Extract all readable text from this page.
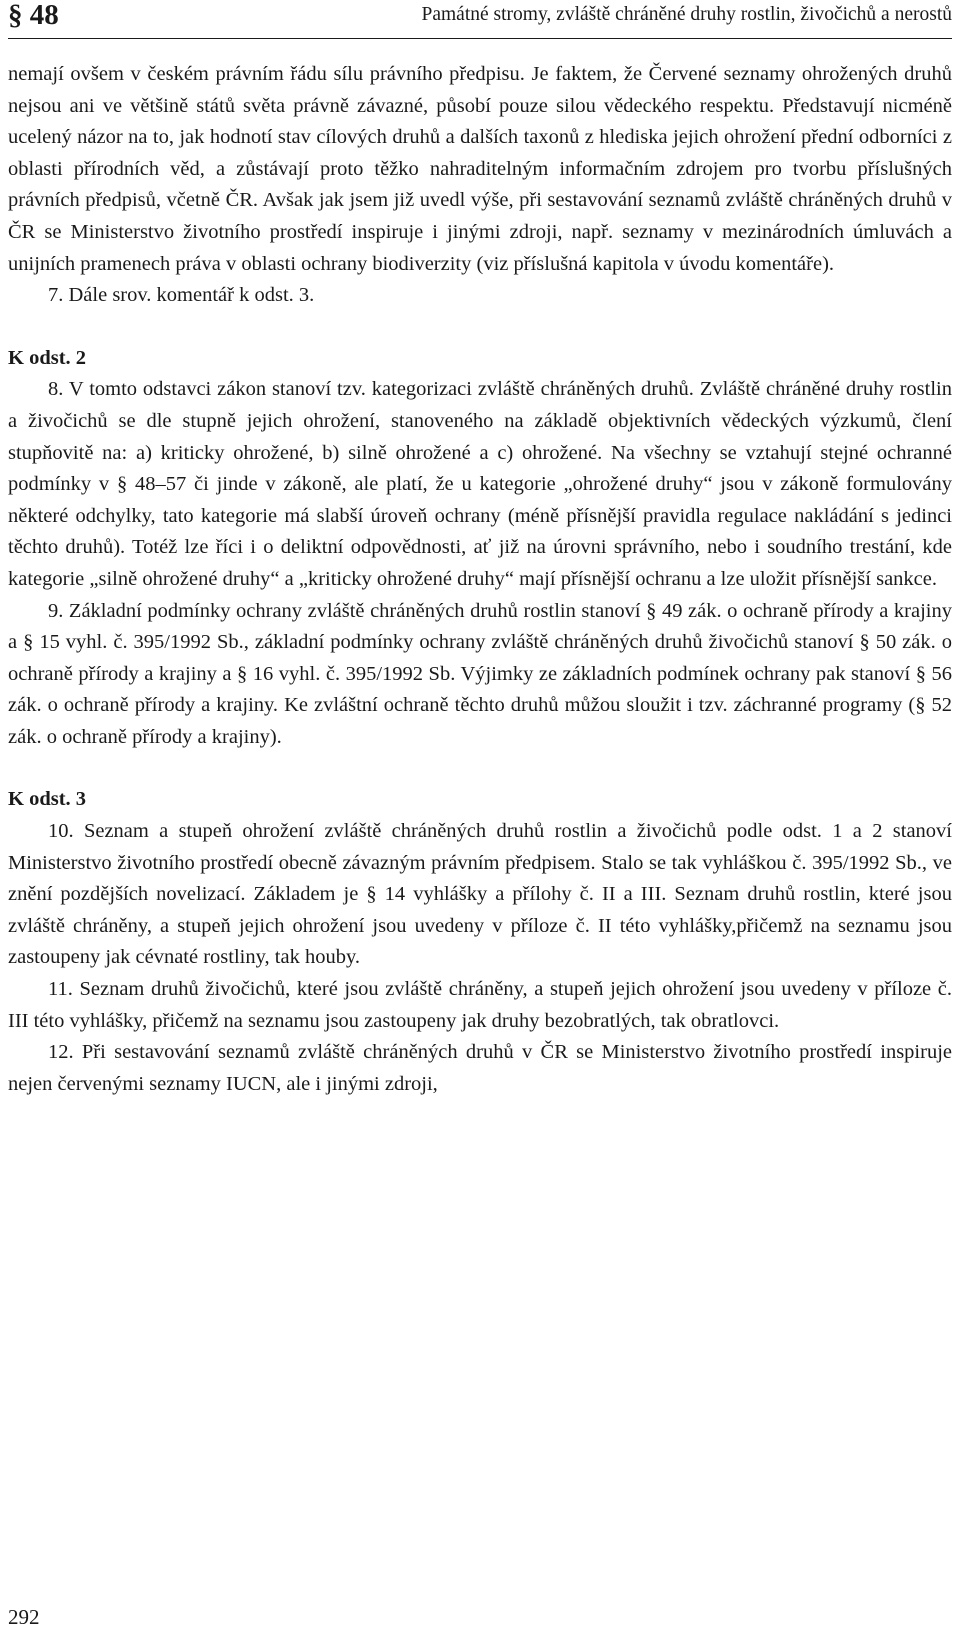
§ 48	Památné stromy, zvláště chráněné druhy rostlin, živočichů a nerostů

nemají ovšem v českém právním řádu sílu právního předpisu. Je faktem, že Červené seznamy ohrožených druhů nejsou ani ve většině států světa právně závazné, působí pouze silou vědeckého respektu. Představují nicméně ucelený názor na to, jak hodnotí stav cílových druhů a dalších taxonů z hlediska jejich ohrožení přední odborníci z oblasti přírodních věd, a zůstávají proto těžko nahraditelným informačním zdrojem pro tvorbu příslušných právních předpisů, včetně ČR. Avšak jak jsem již uvedl výše, při sestavování seznamů zvláště chráněných druhů v ČR se Ministerstvo životního prostředí inspiruje i jinými zdroji, např. seznamy v mezinárodních úmluvách a unijních pramenech práva v oblasti ochrany biodiverzity (viz příslušná kapitola v úvodu komentáře).

7. Dále srov. komentář k odst. 3.

K odst. 2

8. V tomto odstavci zákon stanoví tzv. kategorizaci zvláště chráněných druhů. Zvláště chráněné druhy rostlin a živočichů se dle stupně jejich ohrožení, stanoveného na základě objektivních vědeckých výzkumů, člení stupňovitě na: a) kriticky ohrožené, b) silně ohrožené a c) ohrožené. Na všechny se vztahují stejné ochranné podmínky v § 48–57 či jinde v zákoně, ale platí, že u kategorie „ohrožené druhy“ jsou v zákoně formulovány některé odchylky, tato kategorie má slabší úroveň ochrany (méně přísnější pravidla regulace nakládání s jedinci těchto druhů). Totéž lze říci i o deliktní odpovědnosti, ať již na úrovni správního, nebo i soudního trestání, kde kategorie „silně ohrožené druhy“ a „kriticky ohrožené druhy“ mají přísnější ochranu a lze uložit přísnější sankce.

9. Základní podmínky ochrany zvláště chráněných druhů rostlin stanoví § 49 zák. o ochraně přírody a krajiny a § 15 vyhl. č. 395/1992 Sb., základní podmínky ochrany zvláště chráněných druhů živočichů stanoví § 50 zák. o ochraně přírody a krajiny a § 16 vyhl. č. 395/1992 Sb. Výjimky ze základních podmínek ochrany pak stanoví § 56 zák. o ochraně přírody a krajiny. Ke zvláštní ochraně těchto druhů můžou sloužit i tzv. záchranné programy (§ 52 zák. o ochraně přírody a krajiny).

K odst. 3

10. Seznam a stupeň ohrožení zvláště chráněných druhů rostlin a živočichů podle odst. 1 a 2 stanoví Ministerstvo životního prostředí obecně závazným právním předpisem. Stalo se tak vyhláškou č. 395/1992 Sb., ve znění pozdějších novelizací. Základem je § 14 vyhlášky a přílohy č. II a III. Seznam druhů rostlin, které jsou zvláště chráněny, a stupeň jejich ohrožení jsou uvedeny v příloze č. II této vyhlášky,přičemž na seznamu jsou zastoupeny jak cévnaté rostliny, tak houby.

11. Seznam druhů živočichů, které jsou zvláště chráněny, a stupeň jejich ohrožení jsou uvedeny v příloze č. III této vyhlášky, přičemž na seznamu jsou zastoupeny jak druhy bezobratlých, tak obratlovci.

12. Při sestavování seznamů zvláště chráněných druhů v ČR se Ministerstvo životního prostředí inspiruje nejen červenými seznamy IUCN, ale i jinými zdroji,

292
